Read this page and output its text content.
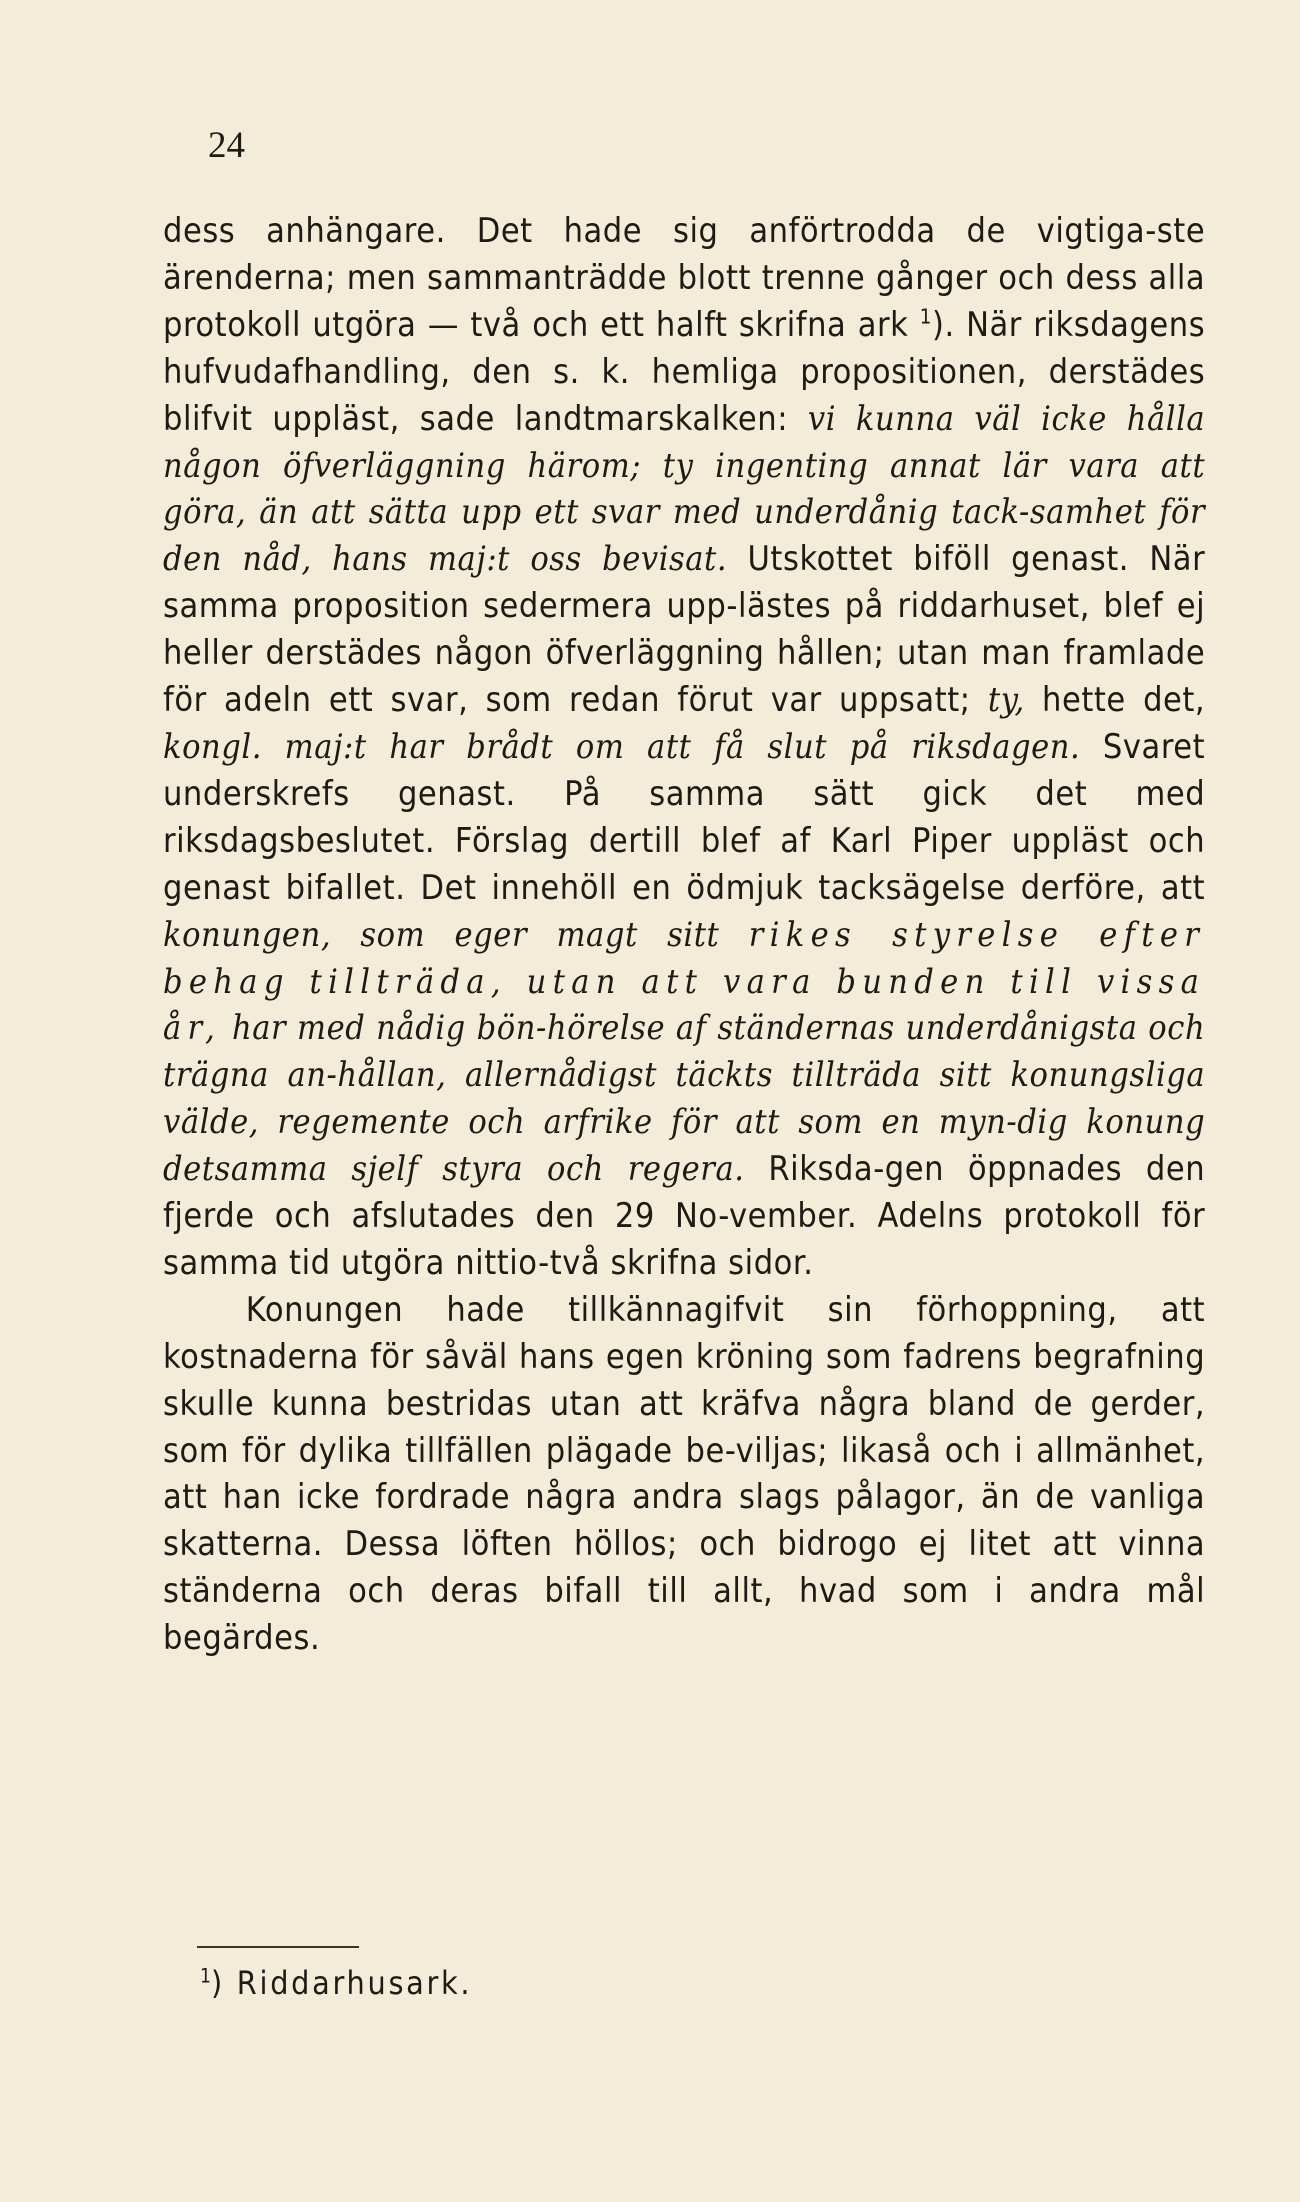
24

dess anhängare. Det hade sig anförtrodda de vigtiga-ste ärenderna; men sammanträdde blott trenne gånger och dess alla protokoll utgöra — två och ett halft skrifna ark $^1$). När riksdagens hufvudafhandling, den s. k. hemliga propositionen, derstädes blifvit uppläst, sade landtmarskalken: vi kunna väl icke hålla någon öfverläggning härom; ty ingenting annat lär vara att göra, än att sätta upp ett svar med underdånig tack-samhet för den nåd, hans maj:t oss bevisat. Utskottet biföll genast. När samma proposition sedermera upp-lästes på riddarhuset, blef ej heller derstädes någon öfverläggning hållen; utan man framlade för adeln ett svar, som redan förut var uppsatt; ty, hette det, kongl. maj:t har brådt om att få slut på riksdagen. Svaret underskrefs genast. På samma sätt gick det med riksdagsbeslutet. Förslag dertill blef af Karl Piper uppläst och genast bifallet. Det innehöll en ödmjuk tacksägelse derföre, att konungen, som eger magt sitt rikes styrelse efter behag tillträda, utan att vara bunden till vissa år, har med nådig bön-hörelse af ständernas underdånigsta och trägna an-hållan, allernådigst täckts tillträda sitt konungsliga välde, regemente och arfrike för att som en myn-dig konung detsamma sjelf styra och regera. Riksda-gen öppnades den fjerde och afslutades den 29 No-vember. Adelns protokoll för samma tid utgöra nittio-två skrifna sidor.

Konungen hade tillkännagifvit sin förhoppning, att kostnaderna för såväl hans egen kröning som fadrens begrafning skulle kunna bestridas utan att kräfva några bland de gerder, som för dylika tillfällen plägade be-viljas; likaså och i allmänhet, att han icke fordrade några andra slags pålagor, än de vanliga skatterna. Dessa löften höllos; och bidrogo ej litet att vinna ständerna och deras bifall till allt, hvad som i andra mål begärdes.

$^1$) Riddarhusark.
